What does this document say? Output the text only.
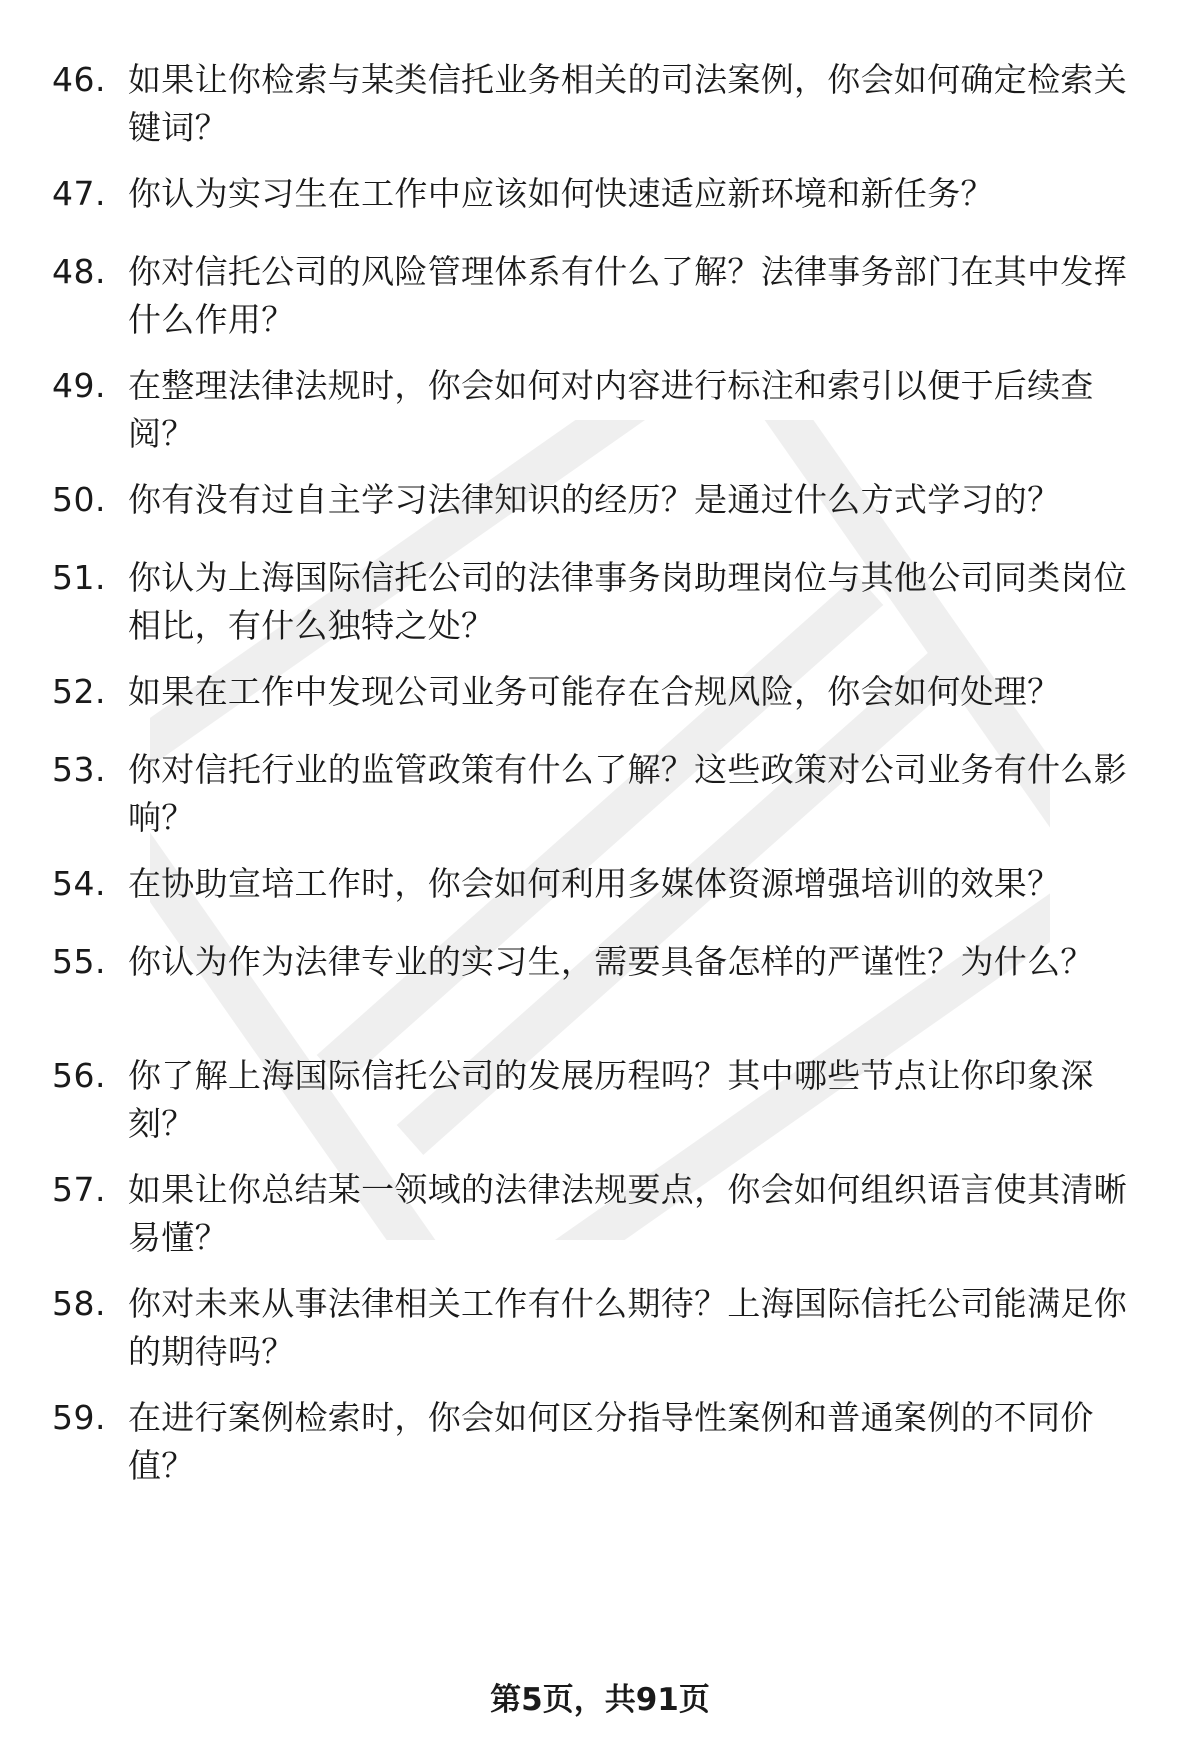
46. 如果让你检索与某类信托业务相关的司法案例，你会如何确定检索关键词？
47. 你认为实习生在工作中应该如何快速适应新环境和新任务？
48. 你对信托公司的风险管理体系有什么了解？法律事务部门在其中发挥什么作用？
49. 在整理法律法规时，你会如何对内容进行标注和索引以便于后续查阅？
50. 你有没有过自主学习法律知识的经历？是通过什么方式学习的？
51. 你认为上海国际信托公司的法律事务岗助理岗位与其他公司同类岗位相比，有什么独特之处？
52. 如果在工作中发现公司业务可能存在合规风险，你会如何处理？
53. 你对信托行业的监管政策有什么了解？这些政策对公司业务有什么影响？
54. 在协助宣培工作时，你会如何利用多媒体资源增强培训的效果？
55. 你认为作为法律专业的实习生，需要具备怎样的严谨性？为什么？
56. 你了解上海国际信托公司的发展历程吗？其中哪些节点让你印象深刻？
57. 如果让你总结某一领域的法律法规要点，你会如何组织语言使其清晰易懂？
58. 你对未来从事法律相关工作有什么期待？上海国际信托公司能满足你的期待吗？
59. 在进行案例检索时，你会如何区分指导性案例和普通案例的不同价值？
第5页，共91页
